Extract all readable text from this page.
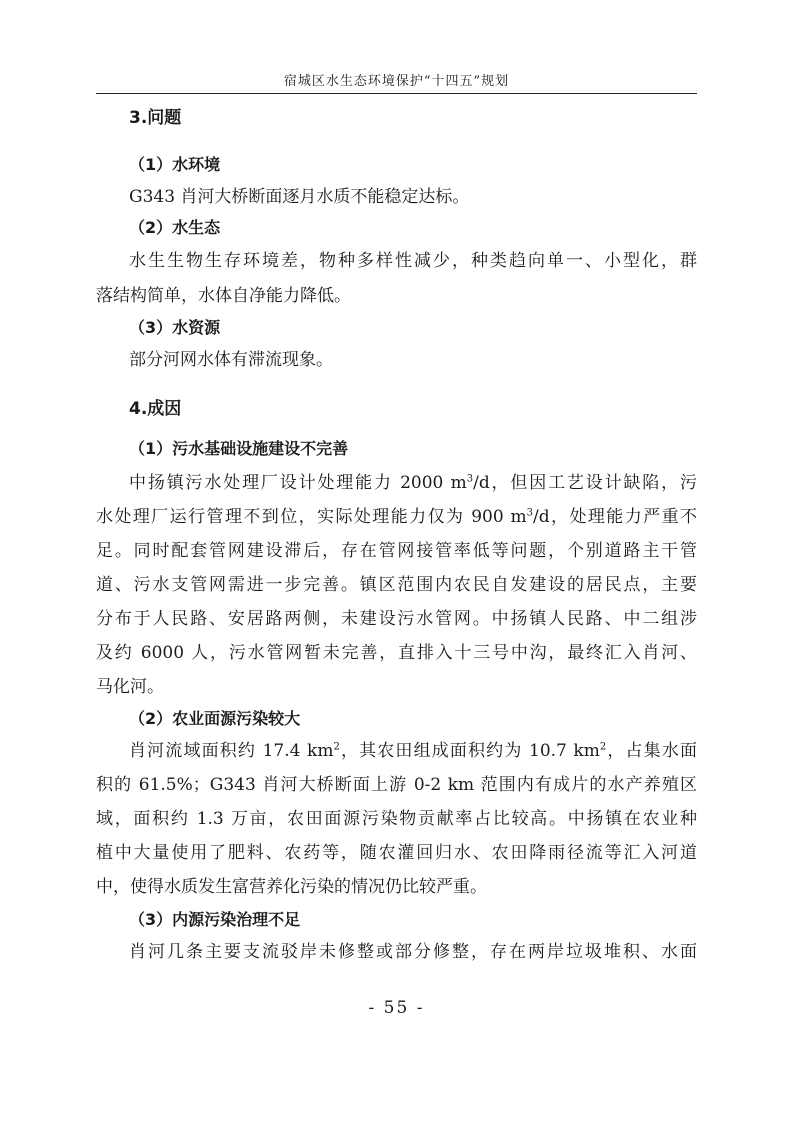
宿城区水生态环境保护“十四五”规划
3.问题
（1）水环境
G343 肖河大桥断面逐月水质不能稳定达标。
（2）水生态
水生生物生存环境差，物种多样性减少，种类趋向单一、小型化，群
落结构简单，水体自净能力降低。
（3）水资源
部分河网水体有滞流现象。
4.成因
（1）污水基础设施建设不完善
中扬镇污水处理厂设计处理能力 2000 $m^3/d$，但因工艺设计缺陷，污
水处理厂运行管理不到位，实际处理能力仅为 900 $m^3/d$，处理能力严重不
足。同时配套管网建设滞后，存在管网接管率低等问题，个别道路主干管
道、污水支管网需进一步完善。镇区范围内农民自发建设的居民点，主要
分布于人民路、安居路两侧，未建设污水管网。中扬镇人民路、中二组涉
及约 6000 人，污水管网暂未完善，直排入十三号中沟，最终汇入肖河、
马化河。
（2）农业面源污染较大
肖河流域面积约 17.4 $km^2$，其农田组成面积约为 10.7 $km^2$，占集水面
积的 61.5%；G343 肖河大桥断面上游 0-2 km 范围内有成片的水产养殖区
域，面积约 1.3 万亩，农田面源污染物贡献率占比较高。中扬镇在农业种
植中大量使用了肥料、农药等，随农灌回归水、农田降雨径流等汇入河道
中，使得水质发生富营养化污染的情况仍比较严重。
（3）内源污染治理不足
肖河几条主要支流驳岸未修整或部分修整，存在两岸垃圾堆积、水面
- 55 -
